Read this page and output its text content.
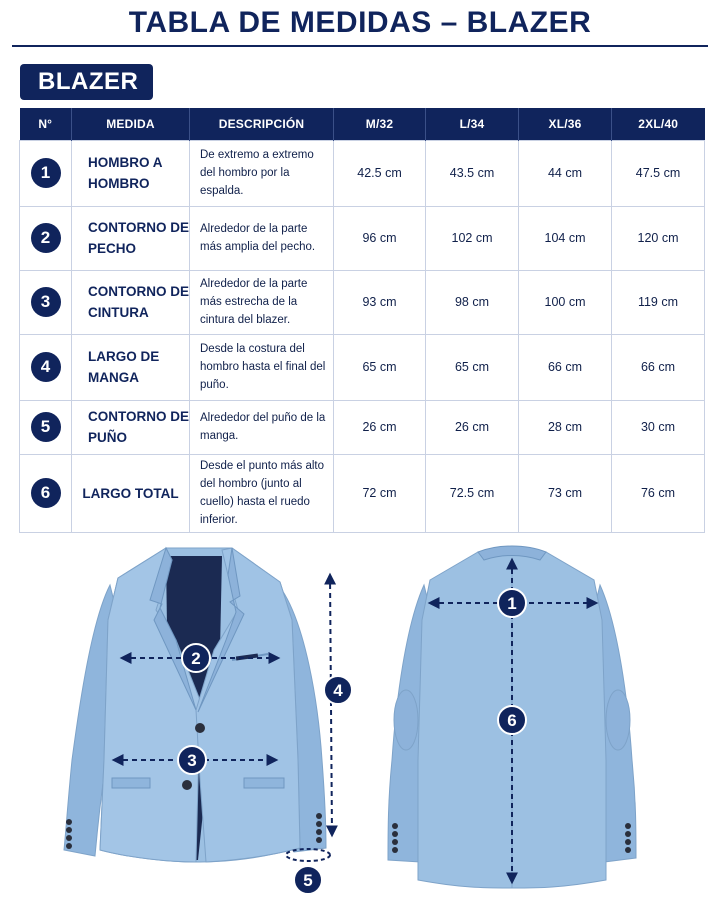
TABLA DE MEDIDAS – BLAZER
BLAZER
N°	MEDIDA	DESCRIPCIÓN	M/32	L/34	XL/36	2XL/40
1	HOMBRO A HOMBRO	De extremo a extremo del hombro por la espalda.	42.5 cm	43.5 cm	44 cm	47.5 cm
2	CONTORNO DE PECHO	Alrededor de la parte más amplia del pecho.	96 cm	102 cm	104 cm	120 cm
3	CONTORNO DE CINTURA	Alrededor de la parte más estrecha de la cintura del blazer.	93 cm	98 cm	100 cm	119 cm
4	LARGO DE MANGA	Desde la costura del hombro hasta el final del puño.	65 cm	65 cm	66 cm	66 cm
5	CONTORNO DE PUÑO	Alrededor del puño de la manga.	26 cm	26 cm	28 cm	30 cm
6	LARGO TOTAL	Desde el punto más alto del hombro (junto al cuello) hasta el ruedo inferior.	72 cm	72.5 cm	73 cm	76 cm
2
3
4
5
1
6
